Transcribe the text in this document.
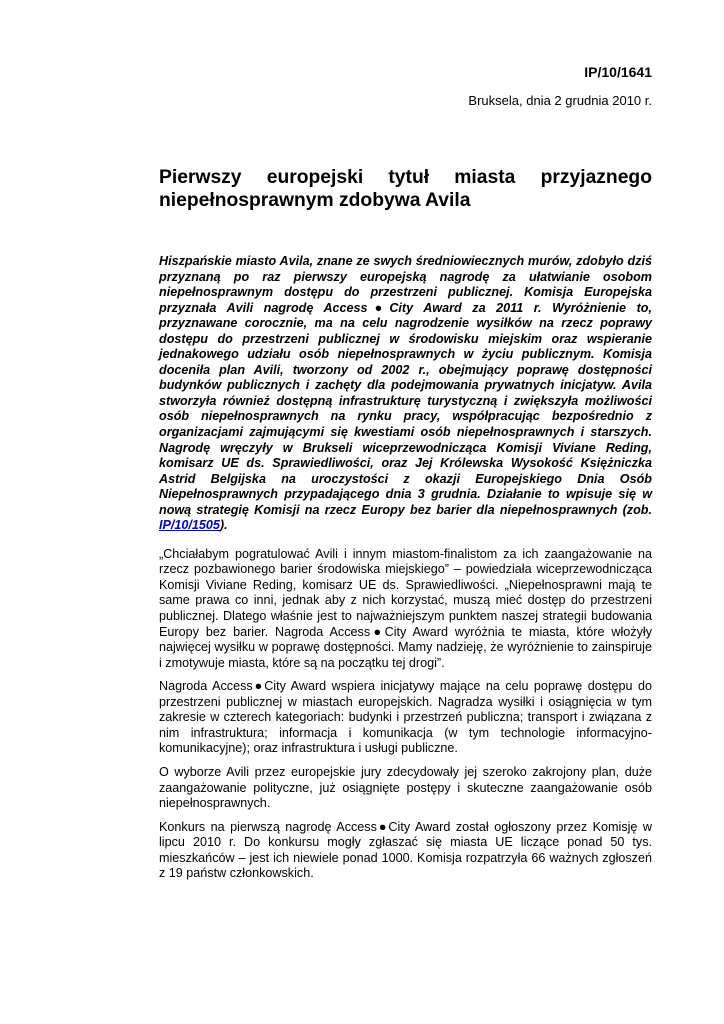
IP/10/1641
Bruksela, dnia 2 grudnia 2010 r.
Pierwszy europejski tytuł miasta przyjaznego niepełnosprawnym zdobywa Avila

Hiszpańskie miasto Avila, znane ze swych średniowiecznych murów, zdobyło dziś przyznaną po raz pierwszy europejską nagrodę za ułatwianie osobom niepełnosprawnym dostępu do przestrzeni publicznej. Komisja Europejska przyznała Avili nagrodę Access●City Award za 2011 r. Wyróżnienie to, przyznawane corocznie, ma na celu nagrodzenie wysiłków na rzecz poprawy dostępu do przestrzeni publicznej w środowisku miejskim oraz wspieranie jednakowego udziału osób niepełnosprawnych w życiu publicznym. Komisja doceniła plan Avili, tworzony od 2002 r., obejmujący poprawę dostępności budynków publicznych i zachęty dla podejmowania prywatnych inicjatyw. Avila stworzyła również dostępną infrastrukturę turystyczną i zwiększyła możliwości osób niepełnosprawnych na rynku pracy, współpracując bezpośrednio z organizacjami zajmującymi się kwestiami osób niepełnosprawnych i starszych. Nagrodę wręczyły w Brukseli wiceprzewodnicząca Komisji Viviane Reding, komisarz UE ds. Sprawiedliwości, oraz Jej Królewska Wysokość Księżniczka Astrid Belgijska na uroczystości z okazji Europejskiego Dnia Osób Niepełnosprawnych przypadającego dnia 3 grudnia. Działanie to wpisuje się w nową strategię Komisji na rzecz Europy bez barier dla niepełnosprawnych (zob. IP/10/1505).

„Chciałabym pogratulować Avili i innym miastom-finalistom za ich zaangażowanie na rzecz pozbawionego barier środowiska miejskiego” – powiedziała wiceprzewodnicząca Komisji Viviane Reding, komisarz UE ds. Sprawiedliwości. „Niepełnosprawni mają te same prawa co inni, jednak aby z nich korzystać, muszą mieć dostęp do przestrzeni publicznej. Dlatego właśnie jest to najważniejszym punktem naszej strategii budowania Europy bez barier. Nagroda Access●City Award wyróżnia te miasta, które włożyły najwięcej wysiłku w poprawę dostępności. Mamy nadzieję, że wyróżnienie to zainspiruje i zmotywuje miasta, które są na początku tej drogi”.

Nagroda Access●City Award wspiera inicjatywy mające na celu poprawę dostępu do przestrzeni publicznej w miastach europejskich. Nagradza wysiłki i osiągnięcia w tym zakresie w czterech kategoriach: budynki i przestrzeń publiczna; transport i związana z nim infrastruktura; informacja i komunikacja (w tym technologie informacyjno-komunikacyjne); oraz infrastruktura i usługi publiczne.

O wyborze Avili przez europejskie jury zdecydowały jej szeroko zakrojony plan, duże zaangażowanie polityczne, już osiągnięte postępy i skuteczne zaangażowanie osób niepełnosprawnych.

Konkurs na pierwszą nagrodę Access●City Award został ogłoszony przez Komisję w lipcu 2010 r. Do konkursu mogły zgłaszać się miasta UE liczące ponad 50 tys. mieszkańców – jest ich niewiele ponad 1000. Komisja rozpatrzyła 66 ważnych zgłoszeń z 19 państw członkowskich.
